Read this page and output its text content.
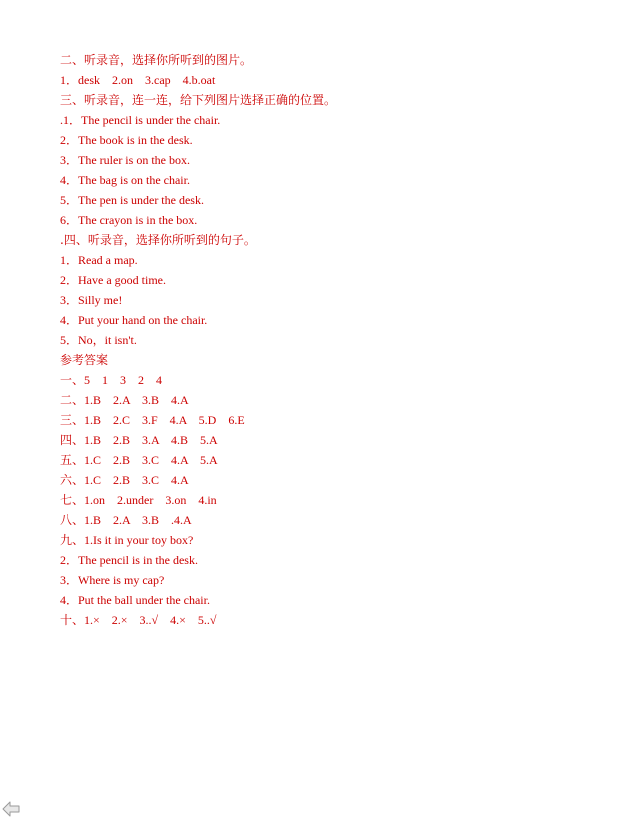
二、听录音，选择你所听到的图片。
1．desk    2.on    3.cap    4.b.oat
三、听录音，连一连，给下列图片选择正确的位置。
.1．The pencil is under the chair.
2．The book is in the desk.
3．The ruler is on the box.
4．The bag is on the chair.
5．The pen is under the desk.
6．The crayon is in the box.
.四、听录音，选择你所听到的句子。
1．Read a map.
2．Have a good time.
3．Silly me!
4．Put your hand on the chair.
5．No，it isn't.
参考答案
一、5    1    3    2    4
二、1.B    2.A    3.B    4.A
三、1.B    2.C    3.F    4.A    5.D    6.E
四、1.B    2.B    3.A    4.B    5.A
五、1.C    2.B    3.C    4.A    5.A
六、1.C    2.B    3.C    4.A
七、1.on    2.under    3.on    4.in
八、1.B    2.A    3.B    .4.A
九、1.Is it in your toy box?
2．The pencil is in the desk.
3．Where is my cap?
4．Put the ball under the chair.
十、1.×    2.×    3..√    4.×    5..√
